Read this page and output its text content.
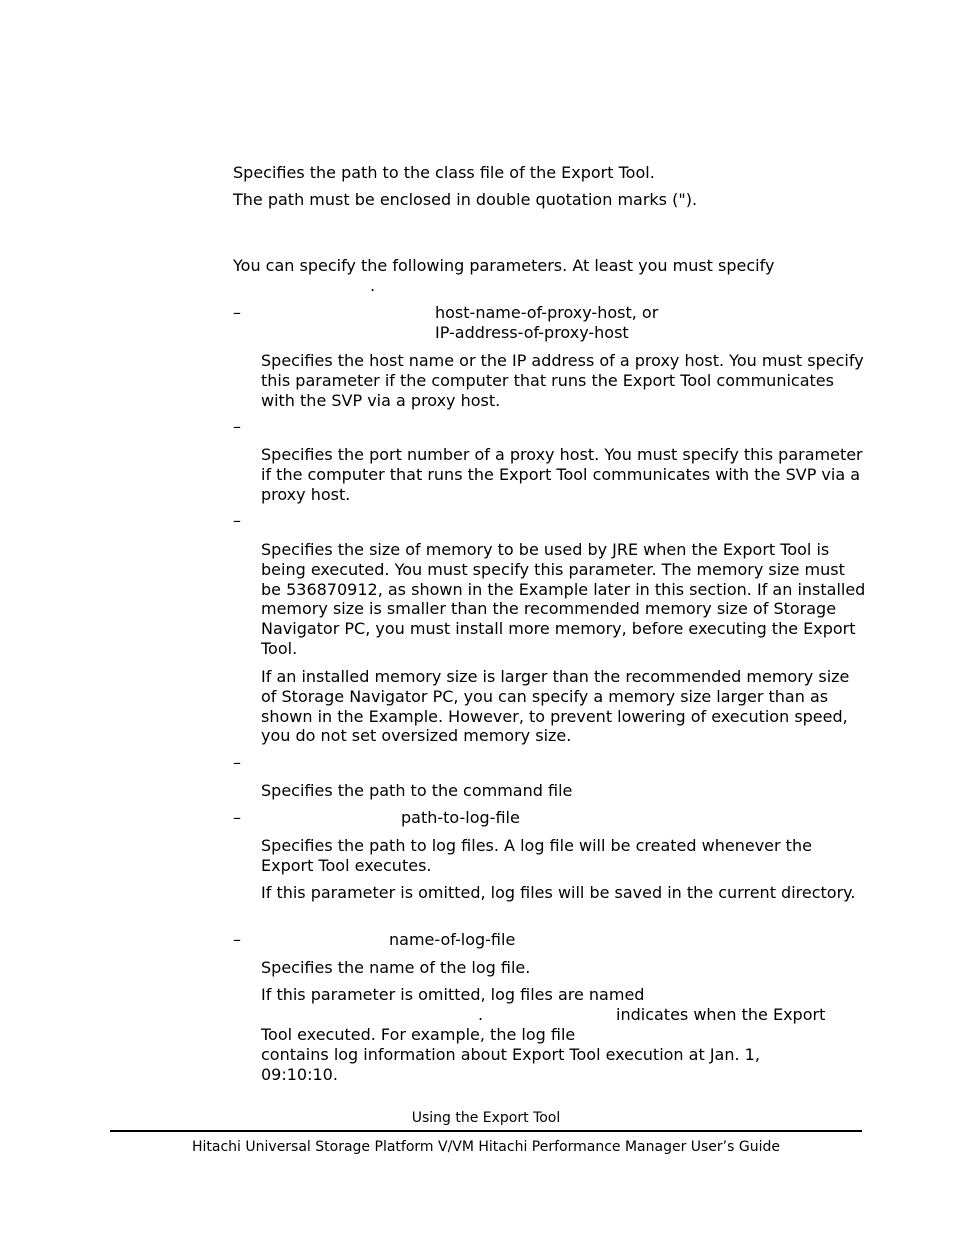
Specifies the path to the class file of the Export Tool.
The path must be enclosed in double quotation marks (").
You can specify the following parameters. At least you must specify
.
–	host-name-of-proxy-host, or
IP-address-of-proxy-host
Specifies the host name or the IP address of a proxy host. You must specify this parameter if the computer that runs the Export Tool communicates with the SVP via a proxy host.
–
Specifies the port number of a proxy host. You must specify this parameter if the computer that runs the Export Tool communicates with the SVP via a proxy host.
–
Specifies the size of memory to be used by JRE when the Export Tool is being executed. You must specify this parameter. The memory size must be 536870912, as shown in the Example later in this section. If an installed memory size is smaller than the recommended memory size of Storage Navigator PC, you must install more memory, before executing the Export Tool.
If an installed memory size is larger than the recommended memory size of Storage Navigator PC, you can specify a memory size larger than as shown in the Example. However, to prevent lowering of execution speed, you do not set oversized memory size.
–
Specifies the path to the command file
–	path-to-log-file
Specifies the path to log files. A log file will be created whenever the Export Tool executes.
If this parameter is omitted, log files will be saved in the current directory.
–	name-of-log-file
Specifies the name of the log file.
If this parameter is omitted, log files are named
.	indicates when the Export
Tool executed. For example, the log file
contains log information about Export Tool execution at Jan. 1,
09:10:10.
Using the Export Tool
Hitachi Universal Storage Platform V/VM Hitachi Performance Manager User’s Guide
